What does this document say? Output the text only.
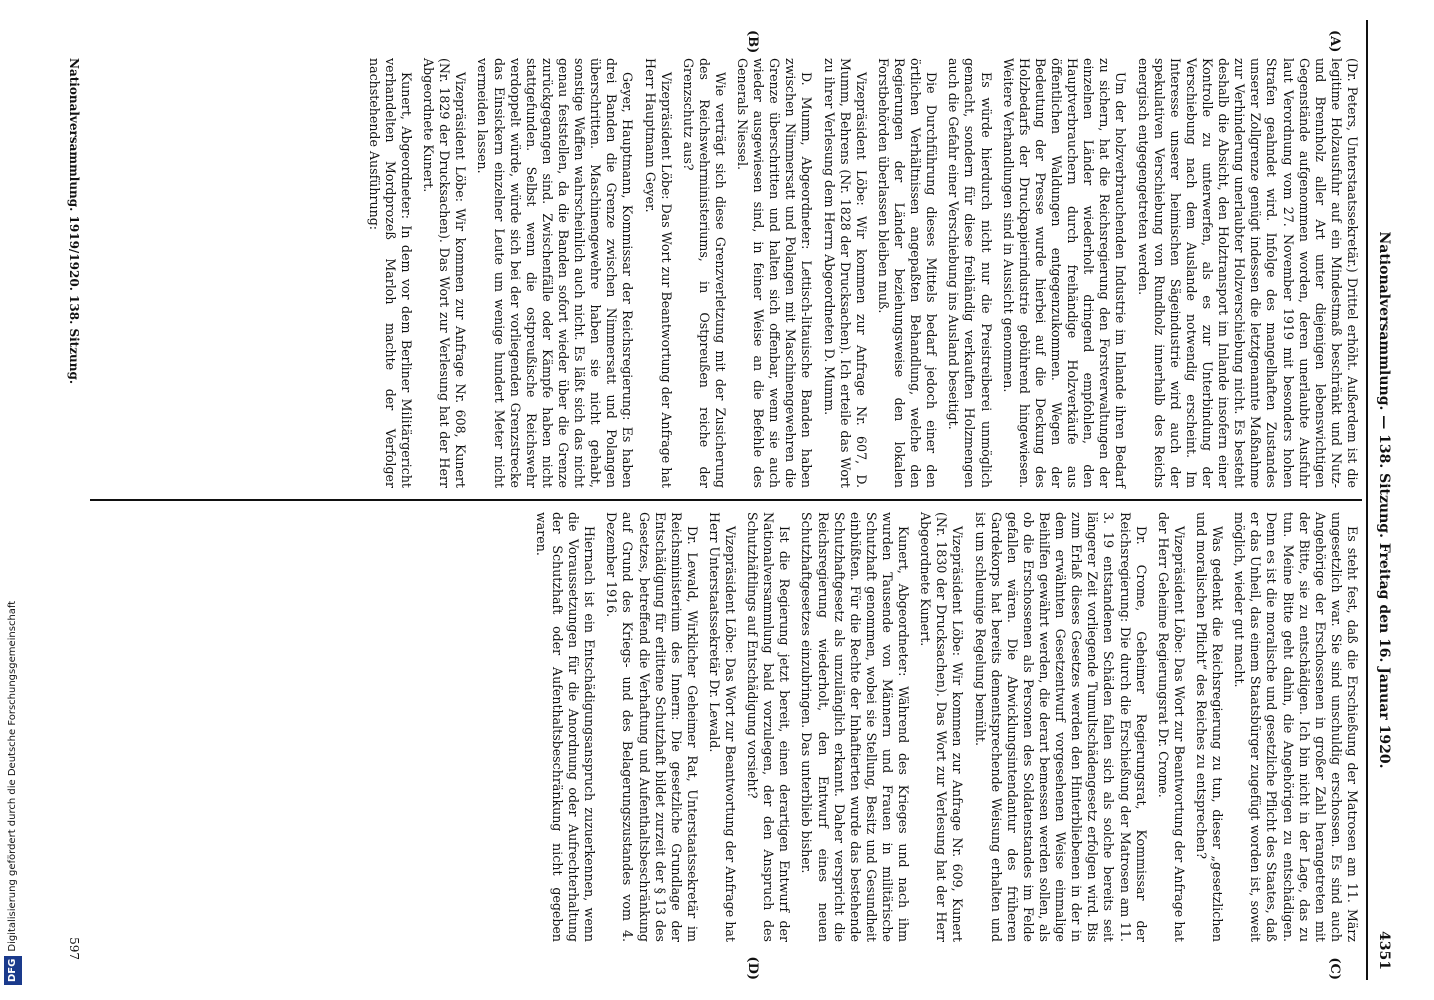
DFGDigitalisierung gefördert durch die Deutsche Forschungsgemeinschaft
Nationalversammlung. — 138. Sitzung. Freitag den 16. Januar 1920.
4351
(A)
(B)
(C)
(D)

(Dr. Peters, Unterstaatssekretär.) Drittel erhöht. Außerdem ist die legitime Holzausfuhr auf ein Mindestmaß beschränkt und Nutz- und Brennholz aller Art unter diejenigen lebenswichtigen Gegenstände aufgenommen worden, deren unerlaubte Ausfuhr laut Verordnung vom 27. November 1919 mit besonders hohen Strafen geahndet wird. Infolge des mangelhaften Zustandes unserer Zollgrenze genügt indessen die letztgenannte Maßnahme zur Verhinderung unerlaubter Holzverschiebung nicht. Es besteht deshalb die Absicht, den Holztransport im Inlande insofern einer Kontrolle zu unterwerfen, als es zur Unterbindung der Verschiebung nach dem Auslande notwendig erscheint. Im Interesse unserer heimischen Sägeindustrie wird auch der spekulativen Verschiebung von Rundholz innerhalb des Reichs energisch entgegengetreten werden.

Um der holzverbrauchenden Industrie im Inlande ihren Bedarf zu sichern, hat die Reichsregierung den Forstverwaltungen der einzelnen Länder wiederholt dringend empfohlen, den Hauptverbrauchern durch freihändige Holzverkäufe aus öffentlichen Waldungen entgegenzukommen. Wegen der Bedeutung der Presse wurde hierbei auf die Deckung des Holzbedarfs der Druckpapierindustrie gebührend hingewiesen. Weitere Verhandlungen sind in Aussicht genommen.

Es würde hierdurch nicht nur die Preistreiberei unmöglich gemacht, sondern für diese freihändig verkauften Holzmengen auch die Gefahr einer Verschiebung ins Ausland beseitigt.

Die Durchführung dieses Mittels bedarf jedoch einer den örtlichen Verhältnissen angepaßten Behandlung, welche den Regierungen der Länder beziehungsweise den lokalen Forstbehörden überlassen bleiben muß.

Vizepräsident Löbe: Wir kommen zur Anfrage Nr. 607, D. Mumm, Behrens (Nr. 1828 der Drucksachen). Ich erteile das Wort zu ihrer Verlesung dem Herrn Abgeordneten D. Mumm.

D. Mumm, Abgeordneter: Lettisch-litauische Banden haben zwischen Nimmersatt und Polangen mit Maschinengewehren die Grenze überschritten und halten sich offenbar, wenn sie auch wieder ausgewiesen sind, in feiner Weise an die Befehle des Generals Niessel.

Wie verträgt sich diese Grenzverletzung mit der Zusicherung des Reichswehrministeriums, in Ostpreußen reiche der Grenzschutz aus?

Vizepräsident Löbe: Das Wort zur Beantwortung der Anfrage hat Herr Hauptmann Geyer.

Geyer, Hauptmann, Kommissar der Reichsregierung: Es haben drei Banden die Grenze zwischen Nimmersatt und Polangen überschritten. Maschinengewehre haben sie nicht gehabt, sonstige Waffen wahrscheinlich auch nicht. Es läßt sich das nicht genau feststellen, da die Banden sofort wieder über die Grenze zurückgegangen sind. Zwischenfälle oder Kämpfe haben nicht stattgefunden. Selbst wenn die ostpreußische Reichswehr verdoppelt würde, würde sich bei der vorliegenden Grenzstrecke das Einsickern einzelner Leute um wenige hundert Meter nicht vermeiden lassen.

Vizepräsident Löbe: Wir kommen zur Anfrage Nr. 608, Kunert (Nr. 1829 der Drucksachen). Das Wort zur Verlesung hat der Herr Abgeordnete Kunert.

Kunert, Abgeordneter: In dem vor dem Berliner Militärgericht verhandelten Mordprozeß Marloh machte der Verfolger nachstehende Ausführung:

Es steht fest, daß die Erschießung der Matrosen am 11. März ungesetzlich war. Sie sind unschuldig erschossen. Es sind auch Angehörige der Erschossenen in großer Zahl herangetreten mit der Bitte, sie zu entschädigen. Ich bin nicht in der Lage, das zu tun. Meine Bitte geht dahin, die Angehörigen zu entschädigen. Denn es ist die moralische und gesetzliche Pflicht des Staates, daß er das Unheil, das einem Staatsbürger zugefügt worden ist, soweit möglich, wieder gut macht.

Was gedenkt die Reichsregierung zu tun, dieser „gesetzlichen und moralischen Pflicht“ des Reiches zu entsprechen?

Vizepräsident Löbe: Das Wort zur Beantwortung der Anfrage hat der Herr Geheime Regierungsrat Dr. Crome.

Dr. Crome, Geheimer Regierungsrat, Kommissar der Reichsregierung: Die durch die Erschießung der Matrosen am 11. 3. 19 entstandenen Schäden fallen sich als solche bereits seit längerer Zeit vorliegende Tumultschädengesetz erfolgen wird. Bis zum Erlaß dieses Gesetzes werden den Hinterbliebenen in der in dem erwähnten Gesetzentwurf vorgesehenen Weise einmalige Beihilfen gewährt werden, die derart bemessen werden sollen, als ob die Erschossenen als Personen des Soldatenstandes im Felde gefallen wären. Die Abwicklungsintendantur des früheren Gardekorps hat bereits dementsprechende Weisung erhalten und ist um schleunige Regelung bemüht.

Vizepräsident Löbe: Wir kommen zur Anfrage Nr. 609, Kunert (Nr. 1830 der Drucksachen). Das Wort zur Verlesung hat der Herr Abgeordnete Kunert.

Kunert, Abgeordneter: Während des Krieges und nach ihm wurden Tausende von Männern und Frauen in militärische Schutzhaft genommen, wobei sie Stellung, Besitz und Gesundheit einbüßten. Für die Rechte der Inhaftierten wurde das bestehende Schutzhaftgesetz als unzulänglich erkannt. Daher verspricht die Reichsregierung wiederholt, den Entwurf eines neuen Schutzhaftgesetzes einzubringen. Das unterblieb bisher.

Ist die Regierung jetzt bereit, einen derartigen Entwurf der Nationalversammlung bald vorzulegen, der den Anspruch des Schutzhäftlings auf Entschädigung vorsieht?

Vizepräsident Löbe: Das Wort zur Beantwortung der Anfrage hat Herr Unterstaatssekretär Dr. Lewald.

Dr. Lewald, Wirklicher Geheimer Rat, Unterstaatssekretär im Reichsministerium des Innern: Die gesetzliche Grundlage der Entschädigung für erlittene Schutzhaft bildet zurzeit der § 13 des Gesetzes, betreffend die Verhaftung und Aufenthaltsbeschränkung auf Grund des Kriegs- und des Belagerungszustandes vom 4. Dezember 1916.

Hiernach ist ein Entschädigungsanspruch zuzuerkennen, wenn die Voraussetzungen für die Anordnung oder Aufrechterhaltung der Schutzhaft oder Aufenthaltsbeschränkung nicht gegeben waren.

Nationalversammlung. 1919/1920. 138. Sitzung.
597
